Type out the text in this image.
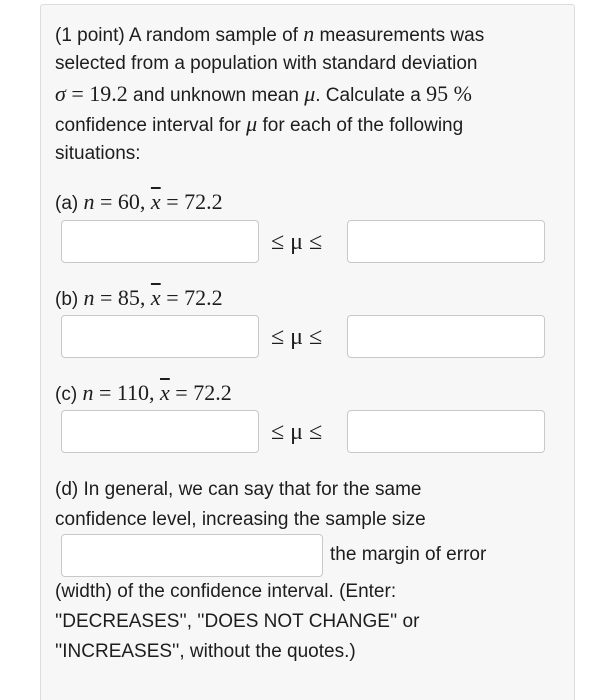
(1 point) A random sample of n measurements was
selected from a population with standard deviation
σ = 19.2 and unknown mean μ. Calculate a 95 %
confidence interval for μ for each of the following
situations:
(a) n = 60, $\overline{x} = 72.2$
≤ μ ≤
(b) n = 85, $\overline{x} = 72.2$
≤ μ ≤
(c) n = 110, $\overline{x} = 72.2$
≤ μ ≤
(d) In general, we can say that for the same
confidence level, increasing the sample size
the margin of error
(width) of the confidence interval. (Enter:
''DECREASES'', ''DOES NOT CHANGE'' or
''INCREASES'', without the quotes.)
